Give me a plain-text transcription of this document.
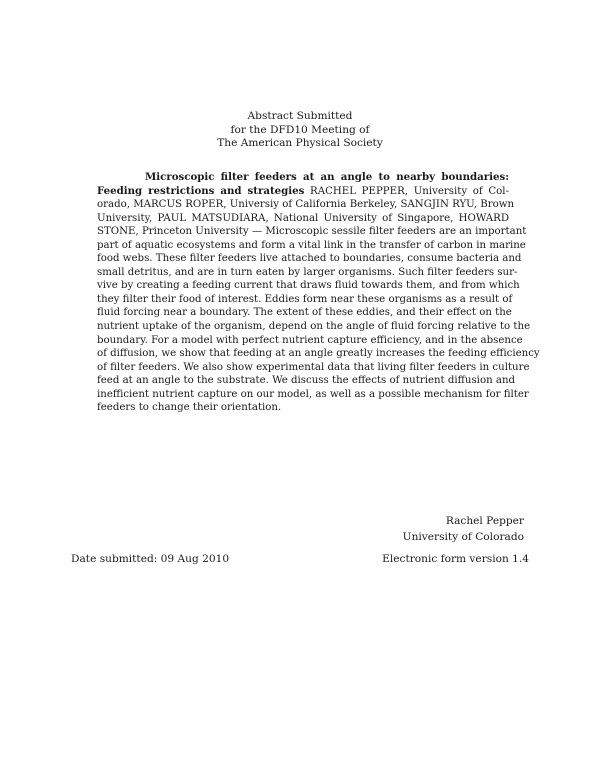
Abstract Submitted
for the DFD10 Meeting of
The American Physical Society
Microscopic filter feeders at an angle to nearby boundaries:
Feeding restrictions and strategies RACHEL PEPPER, University of Col-
orado, MARCUS ROPER, Universiy of California Berkeley, SANGJIN RYU, Brown
University, PAUL MATSUDIARA, National University of Singapore, HOWARD
STONE, Princeton University — Microscopic sessile filter feeders are an important
part of aquatic ecosystems and form a vital link in the transfer of carbon in marine
food webs. These filter feeders live attached to boundaries, consume bacteria and
small detritus, and are in turn eaten by larger organisms. Such filter feeders sur-
vive by creating a feeding current that draws fluid towards them, and from which
they filter their food of interest. Eddies form near these organisms as a result of
fluid forcing near a boundary. The extent of these eddies, and their effect on the
nutrient uptake of the organism, depend on the angle of fluid forcing relative to the
boundary. For a model with perfect nutrient capture efficiency, and in the absence
of diffusion, we show that feeding at an angle greatly increases the feeding efficiency
of filter feeders. We also show experimental data that living filter feeders in culture
feed at an angle to the substrate. We discuss the effects of nutrient diffusion and
inefficient nutrient capture on our model, as well as a possible mechanism for filter
feeders to change their orientation.
Rachel Pepper
University of Colorado
Date submitted: 09 Aug 2010	Electronic form version 1.4
